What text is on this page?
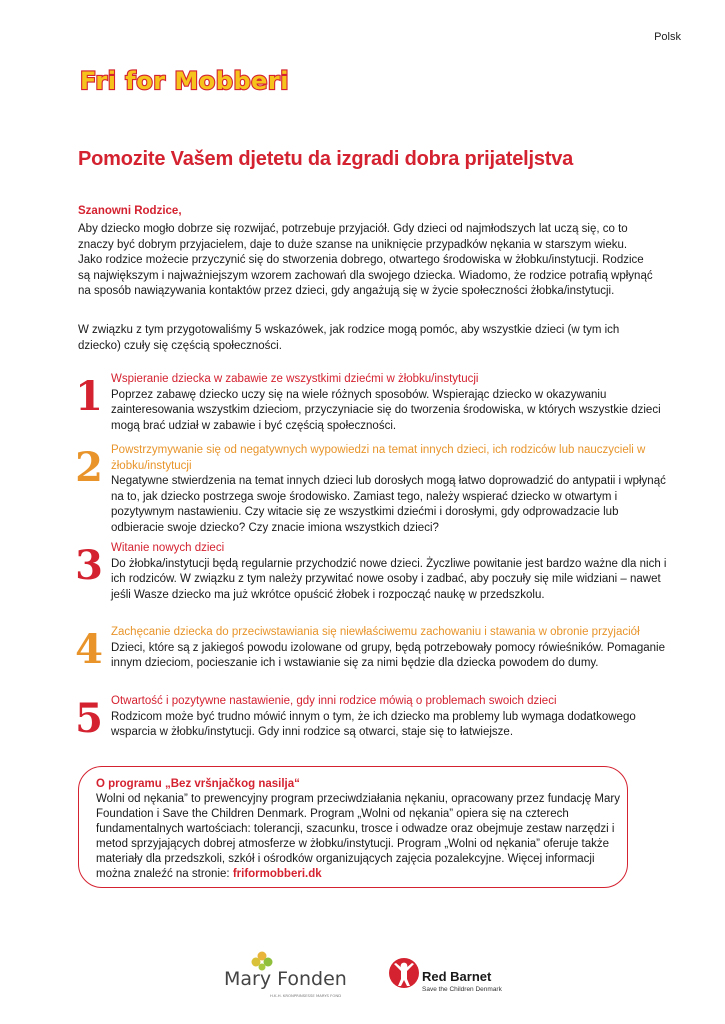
Polsk
Fri for Mobberi
Pomozite Vašem djetetu da izgradi dobra prijateljstva
Szanowni Rodzice,

Aby dziecko mogło dobrze się rozwijać, potrzebuje przyjaciół. Gdy dzieci od najmłodszych lat uczą się, co to znaczy być dobrym przyjacielem, daje to duże szanse na uniknięcie przypadków nękania w starszym wieku. Jako rodzice możecie przyczynić się do stworzenia dobrego, otwartego środowiska w żłobku/instytucji. Rodzice są największym i najważniejszym wzorem zachowań dla swojego dziecka. Wiadomo, że rodzice potrafią wpłynąć na sposób nawiązywania kontaktów przez dzieci, gdy angażują się w życie społeczności żłobka/instytucji.

W związku z tym przygotowaliśmy 5 wskazówek, jak rodzice mogą pomóc, aby wszystkie dzieci (w tym ich dziecko) czuły się częścią społeczności.

1 Wspieranie dziecka w zabawie ze wszystkimi dziećmi w żłobku/instytucji

Poprzez zabawę dziecko uczy się na wiele różnych sposobów. Wspierając dziecko w okazywaniu zainteresowania wszystkim dzieciom, przyczyniacie się do tworzenia środowiska, w których wszystkie dzieci mogą brać udział w zabawie i być częścią społeczności.

2 Powstrzymywanie się od negatywnych wypowiedzi na temat innych dzieci, ich rodziców lub nauczycieli w żłobku/instytucji

Negatywne stwierdzenia na temat innych dzieci lub dorosłych mogą łatwo doprowadzić do antypatii i wpłynąć na to, jak dziecko postrzega swoje środowisko. Zamiast tego, należy wspierać dziecko w otwartym i pozytywnym nastawieniu. Czy witacie się ze wszystkimi dziećmi i dorosłymi, gdy odprowadzacie lub odbieracie swoje dziecko? Czy znacie imiona wszystkich dzieci?

3 Witanie nowych dzieci

Do żłobka/instytucji będą regularnie przychodzić nowe dzieci. Życzliwe powitanie jest bardzo ważne dla nich i ich rodziców. W związku z tym należy przywitać nowe osoby i zadbać, aby poczuły się mile widziani – nawet jeśli Wasze dziecko ma już wkrótce opuścić żłobek i rozpocząć naukę w przedszkolu.

4 Zachęcanie dziecka do przeciwstawiania się niewłaściwemu zachowaniu i stawania w obronie przyjaciół

Dzieci, które są z jakiegoś powodu izolowane od grupy, będą potrzebowały pomocy rówieśników. Pomaganie innym dzieciom, pocieszanie ich i wstawianie się za nimi będzie dla dziecka powodem do dumy.

5 Otwartość i pozytywne nastawienie, gdy inni rodzice mówią o problemach swoich dzieci

Rodzicom może być trudno mówić innym o tym, że ich dziecko ma problemy lub wymaga dodatkowego wsparcia w żłobku/instytucji. Gdy inni rodzice są otwarci, staje się to łatwiejsze.

O programu „Bez vršnjačkog nasilja“

Wolni od nękania” to prewencyjny program przeciwdziałania nękaniu, opracowany przez fundację Mary Foundation i Save the Children Denmark. Program „Wolni od nękania” opiera się na czterech fundamentalnych wartościach: tolerancji, szacunku, trosce i odwadze oraz obejmuje zestaw narzędzi i metod sprzyjających dobrej atmosferze w żłobku/instytucji. Program „Wolni od nękania” oferuje także materiały dla przedszkoli, szkół i ośrodków organizujących zajęcia pozalekcyjne. Więcej informacji można znaleźć na stronie: friformobberi.dk

Mary Fonden
H.K.H. KRONPRINSESSE MARYS FOND
Red Barnet
Save the Children Denmark
